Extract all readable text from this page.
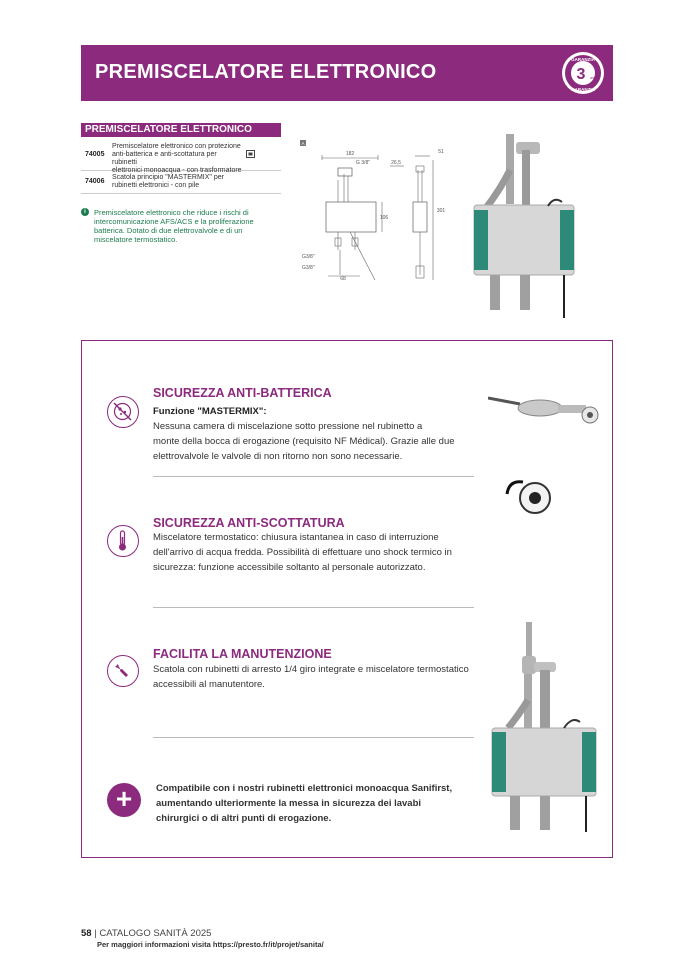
PREMISCELATORE ELETTRONICO
GARANZIA
GARANZIA
3 anni
PREMISCELATORE ELETTRONICO
74005
Premiscelatore elettronico con protezione
anti-batterica e anti-scottatura per rubinetti
elettronici monoacqua - con trasformatore
74006
Scatola principio "MASTERMIX" per
rubinetti elettronici - con pile
i	Premiscelatore elettronico che riduce i rischi di
intercomunicazione AFS/ACS e la proliferazione
batterica. Dotato di due elettrovalvole e di un
miscelatore termostatico.
A
182
G 3/8"	26,5
51
106
301
G3/8"
G3/8"
68
SICUREZZA ANTI-BATTERICA
Funzione "MASTERMIX":
Nessuna camera di miscelazione sotto pressione nel rubinetto a
monte della bocca di erogazione (requisito NF Médical). Grazie alle due
elettrovalvole le valvole di non ritorno non sono necessarie.
SICUREZZA ANTI-SCOTTATURA
Miscelatore termostatico: chiusura istantanea in caso di interruzione
dell'arrivo di acqua fredda. Possibilità di effettuare uno shock termico in
sicurezza: funzione accessibile soltanto al personale autorizzato.
FACILITA LA MANUTENZIONE
Scatola con rubinetti di arresto 1/4 giro integrate e miscelatore termostatico
accessibili al manutentore.
+	Compatibile con i nostri rubinetti elettronici monoacqua Sanifirst,
aumentando ulteriormente la messa in sicurezza dei lavabi
chirurgici o di altri punti di erogazione.
58 | CATALOGO SANITÀ 2025
Per maggiori informazioni visita https://presto.fr/it/projet/sanita/
